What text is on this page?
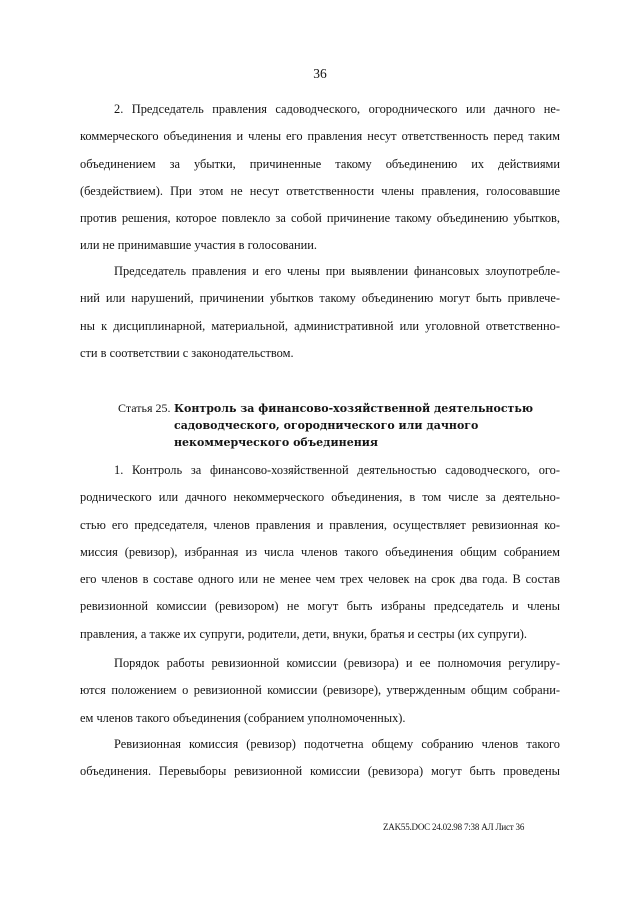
36

2. Председатель правления садоводческого, огороднического или дачного не-
коммерческого объединения и члены его правления несут ответственность перед таким
объединением за убытки, причиненные такому объединению их действиями
(бездействием). При этом не несут ответственности члены правления, голосовавшие
против решения, которое повлекло за собой причинение такому объединению убытков,
или не принимавшие участия в голосовании.

Председатель правления и его члены при выявлении финансовых злоупотребле-
ний или нарушений, причинении убытков такому объединению могут быть привлече-
ны к дисциплинарной, материальной, административной или уголовной ответственно-
сти в соответствии с законодательством.

Статья 25. Контроль за финансово-хозяйственной деятельностью
садоводческого, огороднического или дачного
некоммерческого объединения

1. Контроль за финансово-хозяйственной деятельностью садоводческого, ого-
роднического или дачного некоммерческого объединения, в том числе за деятельно-
стью его председателя, членов правления и правления, осуществляет ревизионная ко-
миссия (ревизор), избранная из числа членов такого объединения общим собранием
его членов в составе одного или не менее чем трех человек на срок два года. В состав
ревизионной комиссии (ревизором) не могут быть избраны председатель и члены
правления, а также их супруги, родители, дети, внуки, братья и сестры (их супруги).

Порядок работы ревизионной комиссии (ревизора) и ее полномочия регулиру-
ются положением о ревизионной комиссии (ревизоре), утвержденным общим собрани-
ем членов такого объединения (собранием уполномоченных).

Ревизионная комиссия (ревизор) подотчетна общему собранию членов такого
объединения. Перевыборы ревизионной комиссии (ревизора) могут быть проведены

ZAK55.DOC 24.02.98 7:38 АЛ Лист 36
